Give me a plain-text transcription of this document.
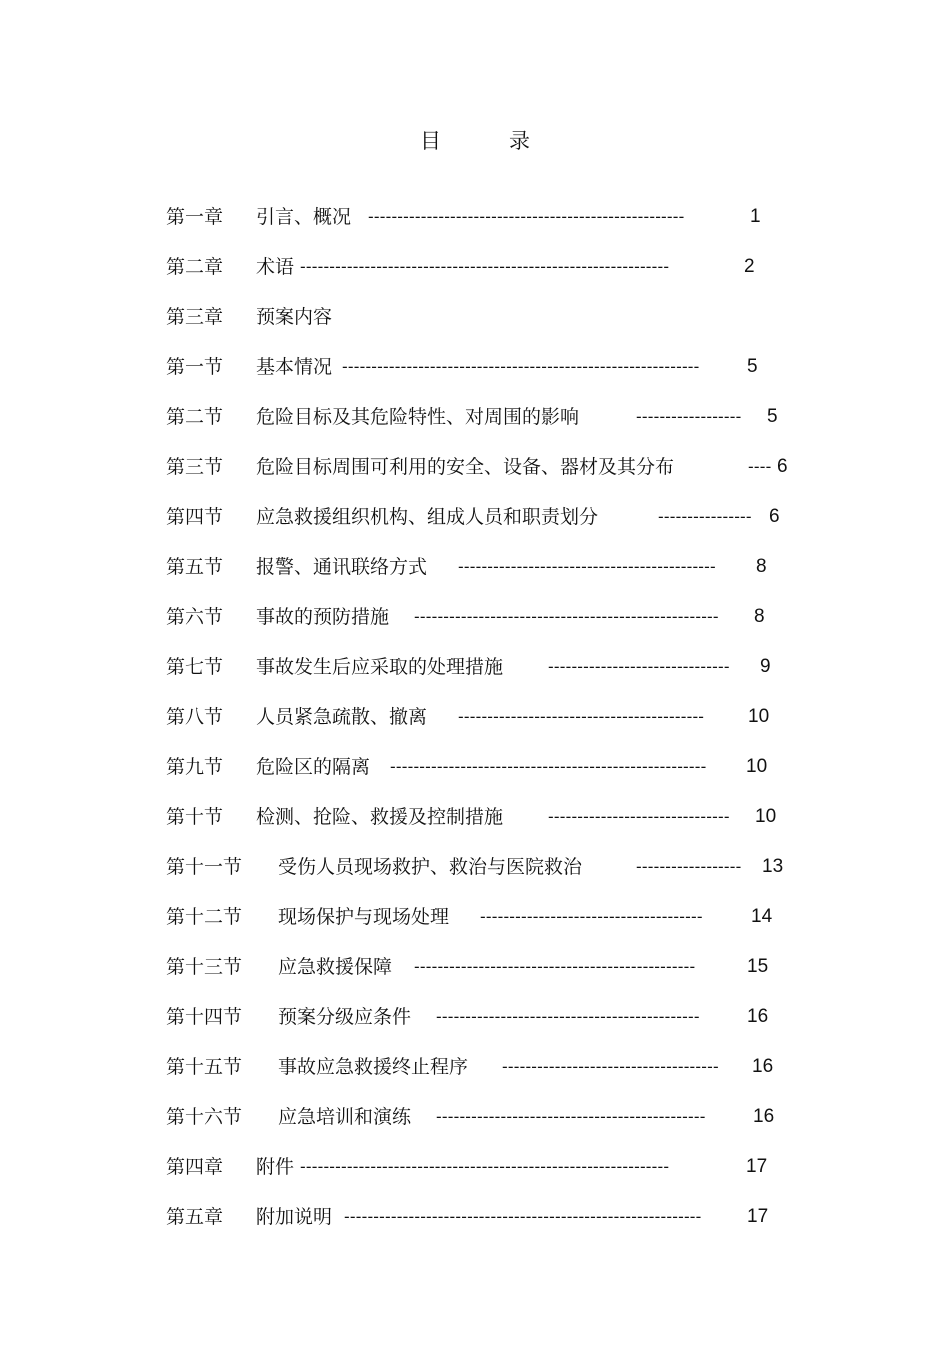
目	录
第一章 引言、概况 ------------------------------------------------------	1
第二章 术语 ---------------------------------------------------------------	2
第三章 预案内容
第一节 基本情况 -------------------------------------------------------------	5
第二节 危险目标及其危险特性、对周围的影响	------------------	5
第三节 危险目标周围可利用的安全、设备、器材及其分布	---- 6
第四节 应急救援组织机构、组成人员和职责划分	---------------- 6
第五节 报警、通讯联络方式 --------------------------------------------	8
第六节 事故的预防措施 ----------------------------------------------------	8
第七节 事故发生后应采取的处理措施	-------------------------------	9
第八节 人员紧急疏散、撤离 ------------------------------------------	10
第九节 危险区的隔离 ------------------------------------------------------	10
第十节 检测、抢险、救援及控制措施	-------------------------------	10
第十一节 受伤人员现场救护、救治与医院救治	------------------	13
第十二节 现场保护与现场处理 --------------------------------------	14
第十三节 应急救援保障 ------------------------------------------------	15
第十四节 预案分级应条件 ---------------------------------------------	16
第十五节 事故应急救援终止程序 -------------------------------------	16
第十六节 应急培训和演练 ----------------------------------------------	16
第四章 附件 ---------------------------------------------------------------	17
第五章 附加说明 -------------------------------------------------------------	17
